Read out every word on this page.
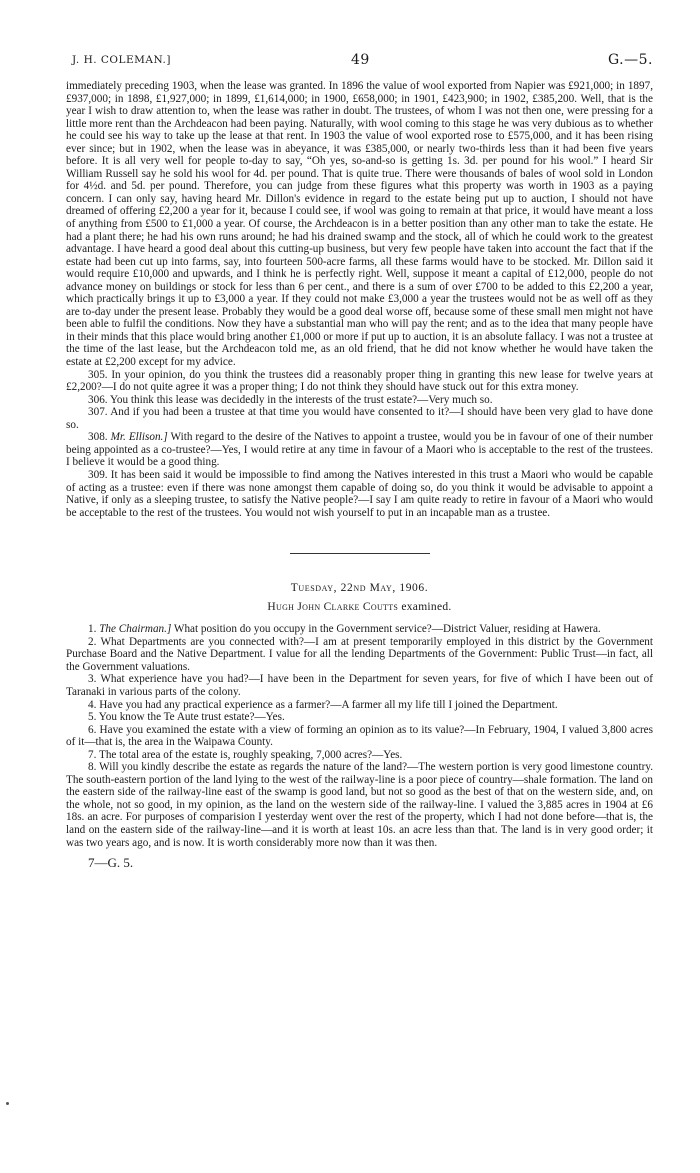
J. H. COLEMAN.]	49	G.—5.

immediately preceding 1903, when the lease was granted. In 1896 the value of wool exported from Napier was £921,000; in 1897, £937,000; in 1898, £1,927,000; in 1899, £1,614,000; in 1900, £658,000; in 1901, £423,900; in 1902, £385,200. Well, that is the year I wish to draw attention to, when the lease was rather in doubt. The trustees, of whom I was not then one, were pressing for a little more rent than the Archdeacon had been paying. Naturally, with wool coming to this stage he was very dubious as to whether he could see his way to take up the lease at that rent. In 1903 the value of wool exported rose to £575,000, and it has been rising ever since; but in 1902, when the lease was in abeyance, it was £385,000, or nearly two-thirds less than it had been five years before. It is all very well for people to-day to say, “Oh yes, so-and-so is getting 1s. 3d. per pound for his wool.” I heard Sir William Russell say he sold his wool for 4d. per pound. That is quite true. There were thousands of bales of wool sold in London for 4½d. and 5d. per pound. Therefore, you can judge from these figures what this property was worth in 1903 as a paying concern. I can only say, having heard Mr. Dillon's evidence in regard to the estate being put up to auction, I should not have dreamed of offering £2,200 a year for it, because I could see, if wool was going to remain at that price, it would have meant a loss of anything from £500 to £1,000 a year. Of course, the Archdeacon is in a better position than any other man to take the estate. He had a plant there; he had his own runs around; he had his drained swamp and the stock, all of which he could work to the greatest advantage. I have heard a good deal about this cutting-up business, but very few people have taken into account the fact that if the estate had been cut up into farms, say, into fourteen 500-acre farms, all these farms would have to be stocked. Mr. Dillon said it would require £10,000 and upwards, and I think he is perfectly right. Well, suppose it meant a capital of £12,000, people do not advance money on buildings or stock for less than 6 per cent., and there is a sum of over £700 to be added to this £2,200 a year, which practically brings it up to £3,000 a year. If they could not make £3,000 a year the trustees would not be as well off as they are to-day under the present lease. Probably they would be a good deal worse off, because some of these small men might not have been able to fulfil the conditions. Now they have a substantial man who will pay the rent; and as to the idea that many people have in their minds that this place would bring another £1,000 or more if put up to auction, it is an absolute fallacy. I was not a trustee at the time of the last lease, but the Archdeacon told me, as an old friend, that he did not know whether he would have taken the estate at £2,200 except for my advice.

305. In your opinion, do you think the trustees did a reasonably proper thing in granting this new lease for twelve years at £2,200?—I do not quite agree it was a proper thing; I do not think they should have stuck out for this extra money.

306. You think this lease was decidedly in the interests of the trust estate?—Very much so.

307. And if you had been a trustee at that time you would have consented to it?—I should have been very glad to have done so.

308. Mr. Ellison.] With regard to the desire of the Natives to appoint a trustee, would you be in favour of one of their number being appointed as a co-trustee?—Yes, I would retire at any time in favour of a Maori who is acceptable to the rest of the trustees. I believe it would be a good thing.

309. It has been said it would be impossible to find among the Natives interested in this trust a Maori who would be capable of acting as a trustee: even if there was none amongst them capable of doing so, do you think it would be advisable to appoint a Native, if only as a sleeping trustee, to satisfy the Native people?—I say I am quite ready to retire in favour of a Maori who would be acceptable to the rest of the trustees. You would not wish yourself to put in an incapable man as a trustee.

Tuesday, 22nd May, 1906.
Hugh John Clarke Coutts examined.

1. The Chairman.] What position do you occupy in the Government service?—District Valuer, residing at Hawera.

2. What Departments are you connected with?—I am at present temporarily employed in this district by the Government Purchase Board and the Native Department. I value for all the lending Departments of the Government: Public Trust—in fact, all the Government valuations.

3. What experience have you had?—I have been in the Department for seven years, for five of which I have been out of Taranaki in various parts of the colony.

4. Have you had any practical experience as a farmer?—A farmer all my life till I joined the Department.

5. You know the Te Aute trust estate?—Yes.

6. Have you examined the estate with a view of forming an opinion as to its value?—In February, 1904, I valued 3,800 acres of it—that is, the area in the Waipawa County.

7. The total area of the estate is, roughly speaking, 7,000 acres?—Yes.

8. Will you kindly describe the estate as regards the nature of the land?—The western portion is very good limestone country. The south-eastern portion of the land lying to the west of the railway-line is a poor piece of country—shale formation. The land on the eastern side of the railway-line east of the swamp is good land, but not so good as the best of that on the western side, and, on the whole, not so good, in my opinion, as the land on the western side of the railway-line. I valued the 3,885 acres in 1904 at £6 18s. an acre. For purposes of comparision I yesterday went over the rest of the property, which I had not done before—that is, the land on the eastern side of the railway-line—and it is worth at least 10s. an acre less than that. The land is in very good order; it was two years ago, and is now. It is worth considerably more now than it was then.

7—G. 5.
